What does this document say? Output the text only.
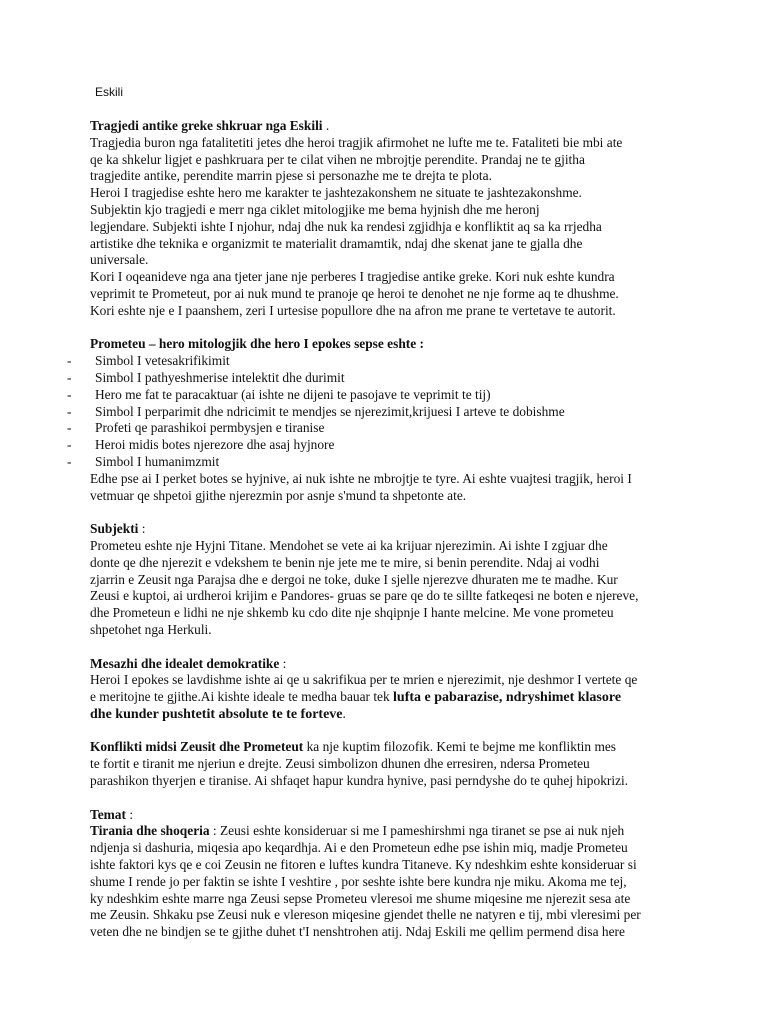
Eskili
Tragjedi antike greke shkruar nga Eskili .
Tragjedia buron nga fatalitetiti jetes dhe heroi tragjik afirmohet ne lufte me te. Fataliteti bie mbi ate
qe ka shkelur ligjet e pashkruara per te cilat vihen ne mbrojtje perendite. Prandaj ne te gjitha
tragjedite antike, perendite marrin pjese si personazhe me te drejta te plota.
Heroi I tragjedise eshte hero me karakter te jashtezakonshem ne situate te jashtezakonshme.
Subjektin kjo tragjedi e merr nga ciklet mitologjike me bema hyjnish dhe me heronj
legjendare. Subjekti ishte I njohur, ndaj dhe nuk ka rendesi zgjidhja e konfliktit aq sa ka rrjedha
artistike dhe teknika e organizmit te materialit dramamtik, ndaj dhe skenat jane te gjalla dhe
universale.
Kori I oqeanideve nga ana tjeter jane nje perberes I tragjedise antike greke. Kori nuk eshte kundra
veprimit te Prometeut, por ai nuk mund te pranoje qe heroi te denohet ne nje forme aq te dhushme.
Kori eshte nje e I paanshem, zeri I urtesise popullore dhe na afron me prane te vertetave te autorit.
Prometeu – hero mitologjik dhe hero I epokes sepse eshte :
- Simbol I vetesakrifikimit
- Simbol I pathyeshmerise intelektit dhe durimit
- Hero me fat te paracaktuar (ai ishte ne dijeni te pasojave te veprimit te tij)
- Simbol I perparimit dhe ndricimit te mendjes se njerezimit,krijuesi I arteve te dobishme
- Profeti qe parashikoi permbysjen e tiranise
- Heroi midis botes njerezore dhe asaj hyjnore
- Simbol I humanimzmit
Edhe pse ai I perket botes se hyjnive, ai nuk ishte ne mbrojtje te tyre. Ai eshte vuajtesi tragjik, heroi I
vetmuar qe shpetoi gjithe njerezmin por asnje s'mund ta shpetonte ate.
Subjekti :
Prometeu eshte nje Hyjni Titane. Mendohet se vete ai ka krijuar njerezimin. Ai ishte I zgjuar dhe
donte qe dhe njerezit e vdekshem te benin nje jete me te mire, si benin perendite. Ndaj ai vodhi
zjarrin e Zeusit nga Parajsa dhe e dergoi ne toke, duke I sjelle njerezve dhuraten me te madhe. Kur
Zeusi e kuptoi, ai urdheroi krijim e Pandores- gruas se pare qe do te sillte fatkeqesi ne boten e njereve,
dhe Prometeun e lidhi ne nje shkemb ku cdo dite nje shqipnje I hante melcine. Me vone prometeu
shpetohet nga Herkuli.
Mesazhi dhe idealet demokratike :
Heroi I epokes se lavdishme ishte ai qe u sakrifikua per te mrien e njerezimit, nje deshmor I vertete qe
e meritojne te gjithe.Ai kishte ideale te medha bauar tek lufta e pabarazise, ndryshimet klasore
dhe kunder pushtetit absolute te te forteve.
Konflikti midsi Zeusit dhe Prometeut ka nje kuptim filozofik. Kemi te bejme me konfliktin mes
te fortit e tiranit me njeriun e drejte. Zeusi simbolizon dhunen dhe erresiren, ndersa Prometeu
parashikon thyerjen e tiranise. Ai shfaqet hapur kundra hynive, pasi perndyshe do te quhej hipokrizi.
Temat :
Tirania dhe shoqeria : Zeusi eshte konsideruar si me I pameshirshmi nga tiranet se pse ai nuk njeh
ndjenja si dashuria, miqesia apo keqardhja. Ai e den Prometeun edhe pse ishin miq, madje Prometeu
ishte faktori kys qe e coi Zeusin ne fitoren e luftes kundra Titaneve. Ky ndeshkim eshte konsideruar si
shume I rende jo per faktin se ishte I veshtire , por seshte ishte bere kundra nje miku. Akoma me tej,
ky ndeshkim eshte marre nga Zeusi sepse Prometeu vleresoi me shume miqesine me njerezit sesa ate
me Zeusin. Shkaku pse Zeusi nuk e vlereson miqesine gjendet thelle ne natyren e tij, mbi vleresimi per
veten dhe ne bindjen se te gjithe duhet t'I nenshtrohen atij. Ndaj Eskili me qellim permend disa here
